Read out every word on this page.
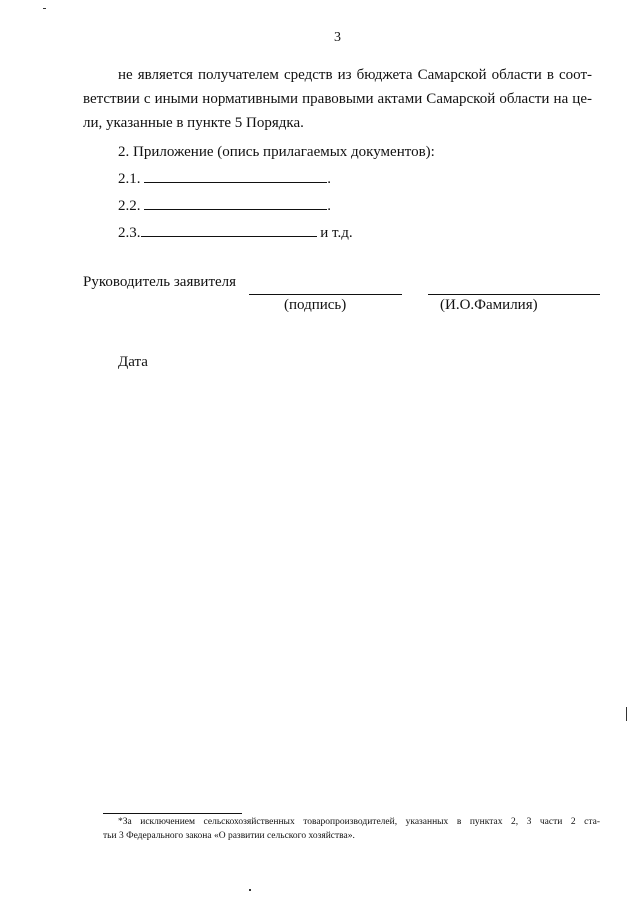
3
не является получателем средств из бюджета Самарской области в соот-
ветствии с иными нормативными правовыми актами Самарской области на це-
ли, указанные в пункте 5 Порядка.
2. Приложение (опись прилагаемых документов):
2.1.	.
2.2.	.
2.3.	и т.д.
Руководитель заявителя
(подпись)	(И.О.Фамилия)
Дата
*За исключением сельскохозяйственных товаропроизводителей, указанных в пунктах 2, 3 части 2 ста-
тьи 3 Федерального закона «О развитии сельского хозяйства».
